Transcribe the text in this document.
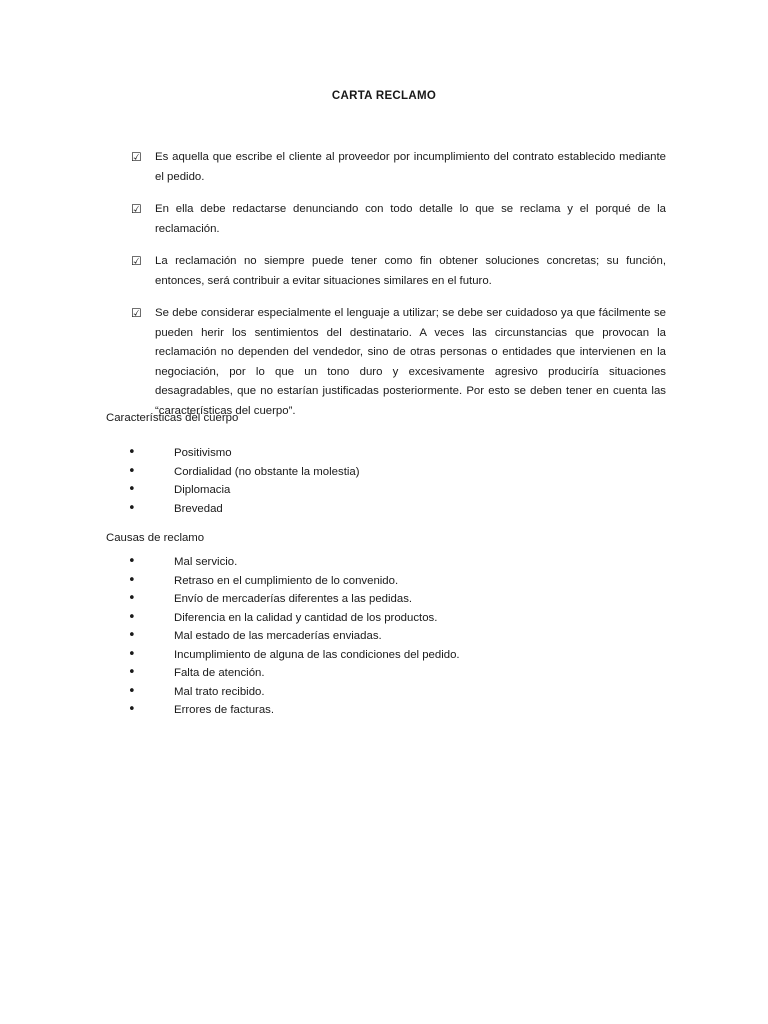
CARTA RECLAMO
☑ Es aquella que escribe el cliente al proveedor por incumplimiento del contrato establecido mediante el pedido.
☑ En ella debe redactarse denunciando con todo detalle lo que se reclama y el porqué de la reclamación.
☑ La reclamación no siempre puede tener como fin obtener soluciones concretas; su función, entonces, será contribuir a evitar situaciones similares en el futuro.
☑ Se debe considerar especialmente el lenguaje a utilizar; se debe ser cuidadoso ya que fácilmente se pueden herir los sentimientos del destinatario. A veces las circunstancias que provocan la reclamación no dependen del vendedor, sino de otras personas o entidades que intervienen en la negociación, por lo que un tono duro y excesivamente agresivo produciría situaciones desagradables, que no estarían justificadas posteriormente. Por esto se deben tener en cuenta las “características del cuerpo”.
Características del cuerpo
•	Positivismo
•	Cordialidad (no obstante la molestia)
•	Diplomacia
•	Brevedad
Causas de reclamo
•	Mal servicio.
•	Retraso en el cumplimiento de lo convenido.
•	Envío de mercaderías diferentes a las pedidas.
•	Diferencia en la calidad y cantidad de los productos.
•	Mal estado de las mercaderías enviadas.
•	Incumplimiento de alguna de las condiciones del pedido.
•	Falta de atención.
•	Mal trato recibido.
•	Errores de facturas.
